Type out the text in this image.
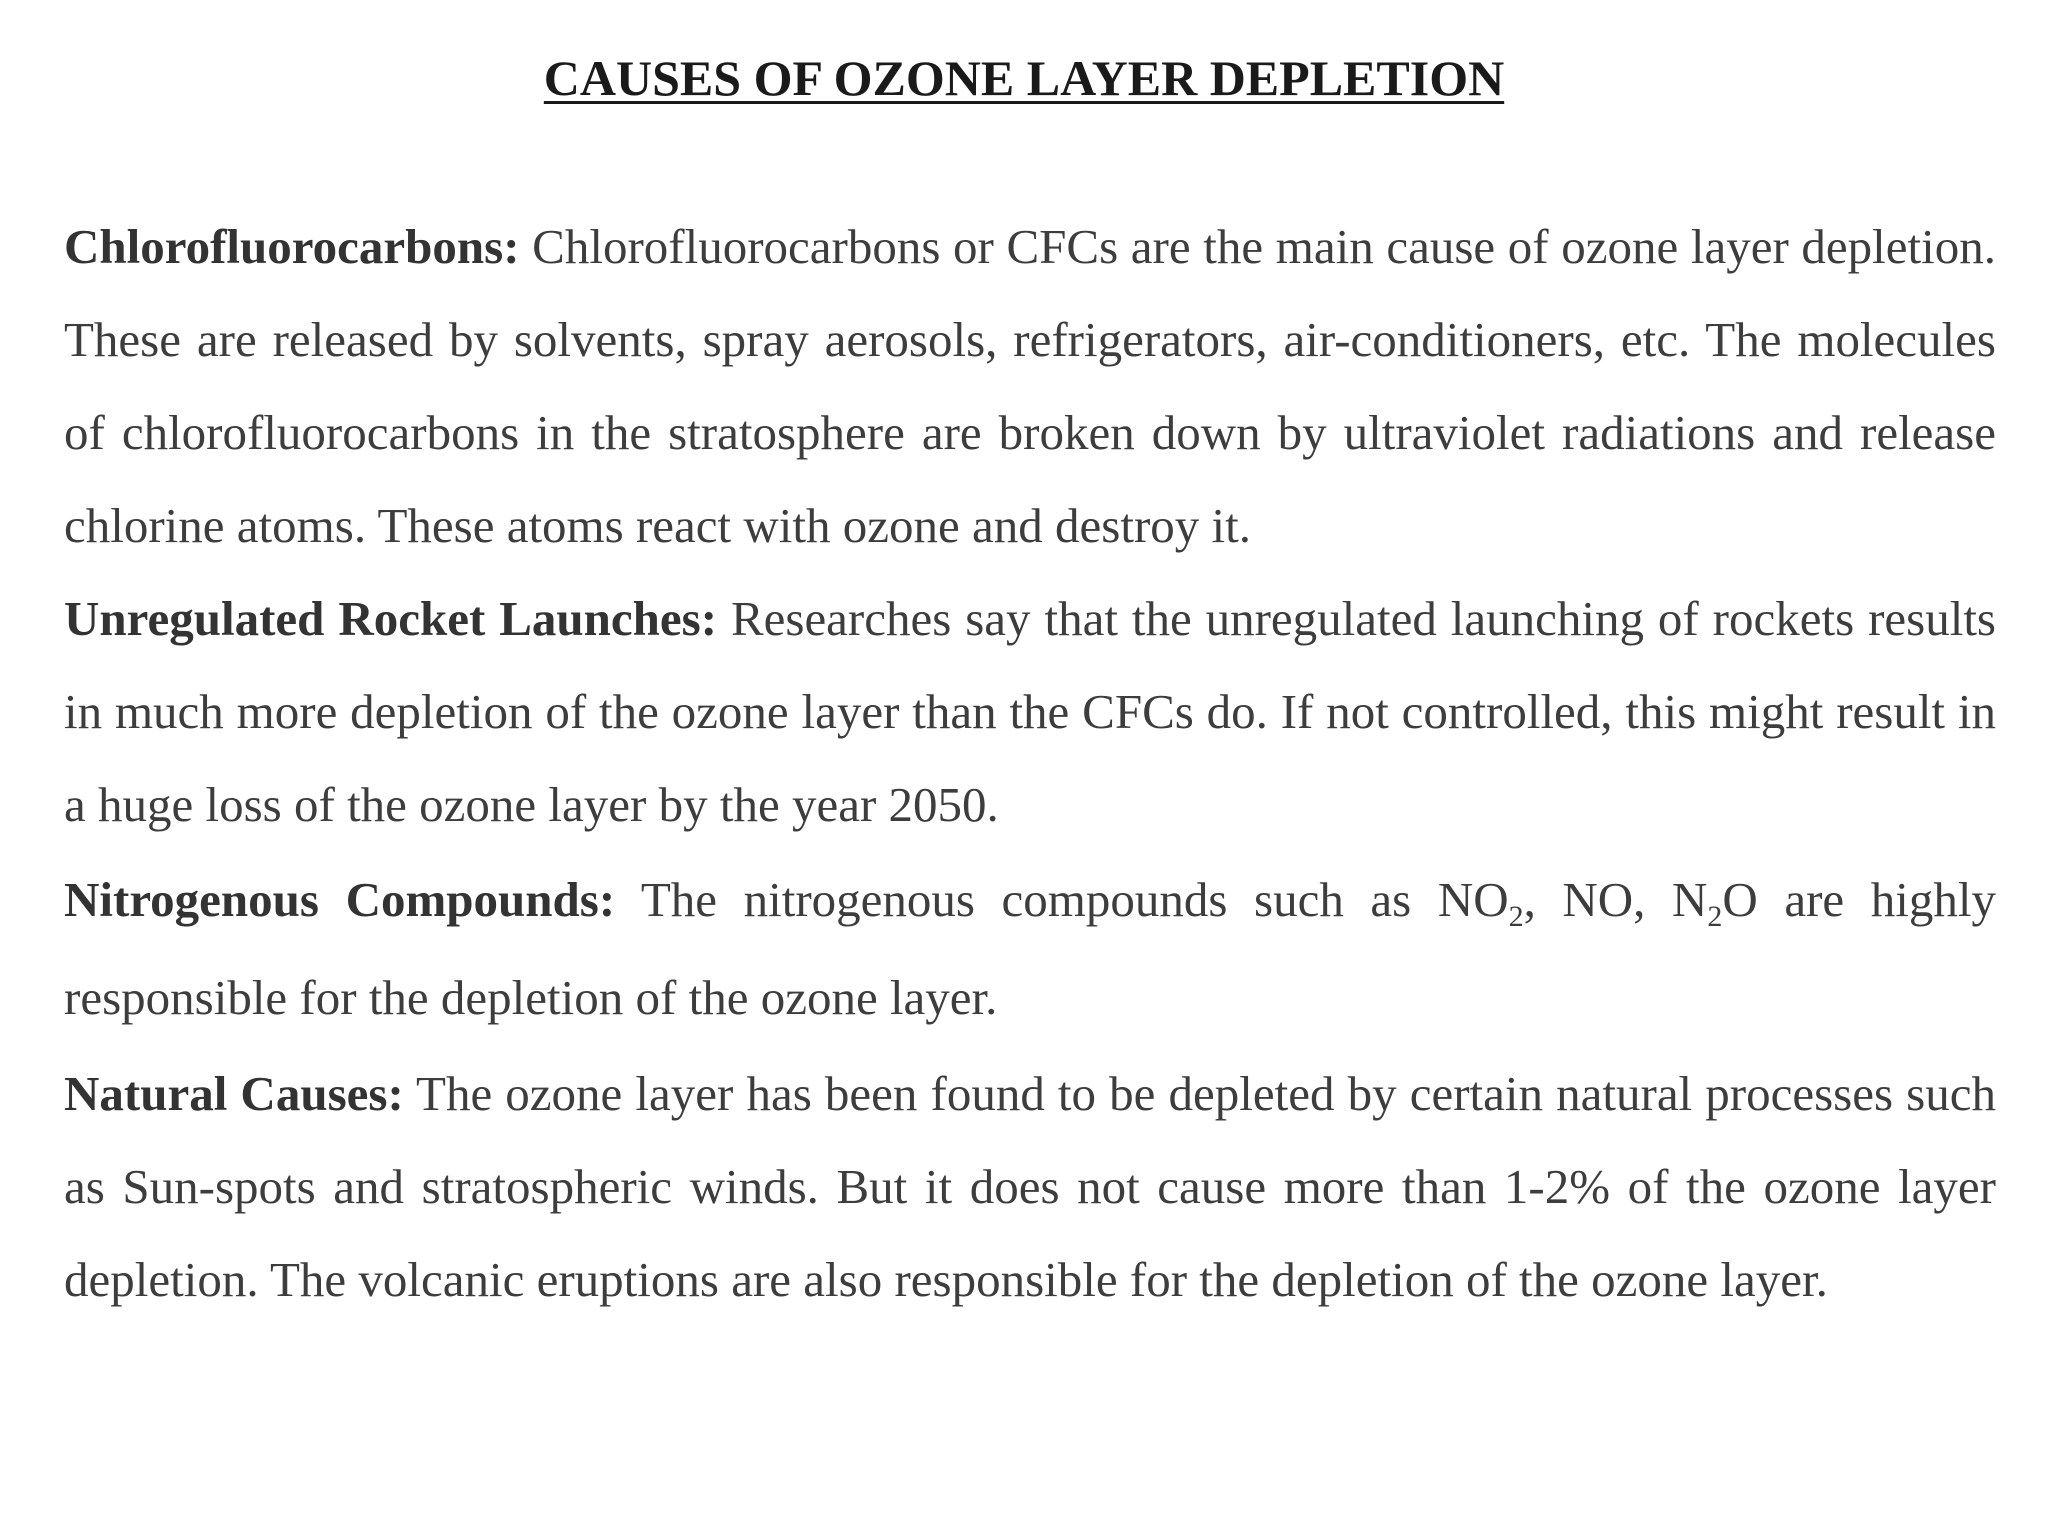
CAUSES OF OZONE LAYER DEPLETION

Chlorofluorocarbons: Chlorofluorocarbons or CFCs are the main cause of ozone layer depletion. These are released by solvents, spray aerosols, refrigerators, air-conditioners, etc. The molecules of chlorofluorocarbons in the stratosphere are broken down by ultraviolet radiations and release chlorine atoms. These atoms react with ozone and destroy it.

Unregulated Rocket Launches: Researches say that the unregulated launching of rockets results in much more depletion of the ozone layer than the CFCs do. If not controlled, this might result in a huge loss of the ozone layer by the year 2050.

Nitrogenous Compounds: The nitrogenous compounds such as $NO_2$, NO, $N_2O$ are highly responsible for the depletion of the ozone layer.

Natural Causes: The ozone layer has been found to be depleted by certain natural processes such as Sun-spots and stratospheric winds. But it does not cause more than 1-2% of the ozone layer depletion. The volcanic eruptions are also responsible for the depletion of the ozone layer.
